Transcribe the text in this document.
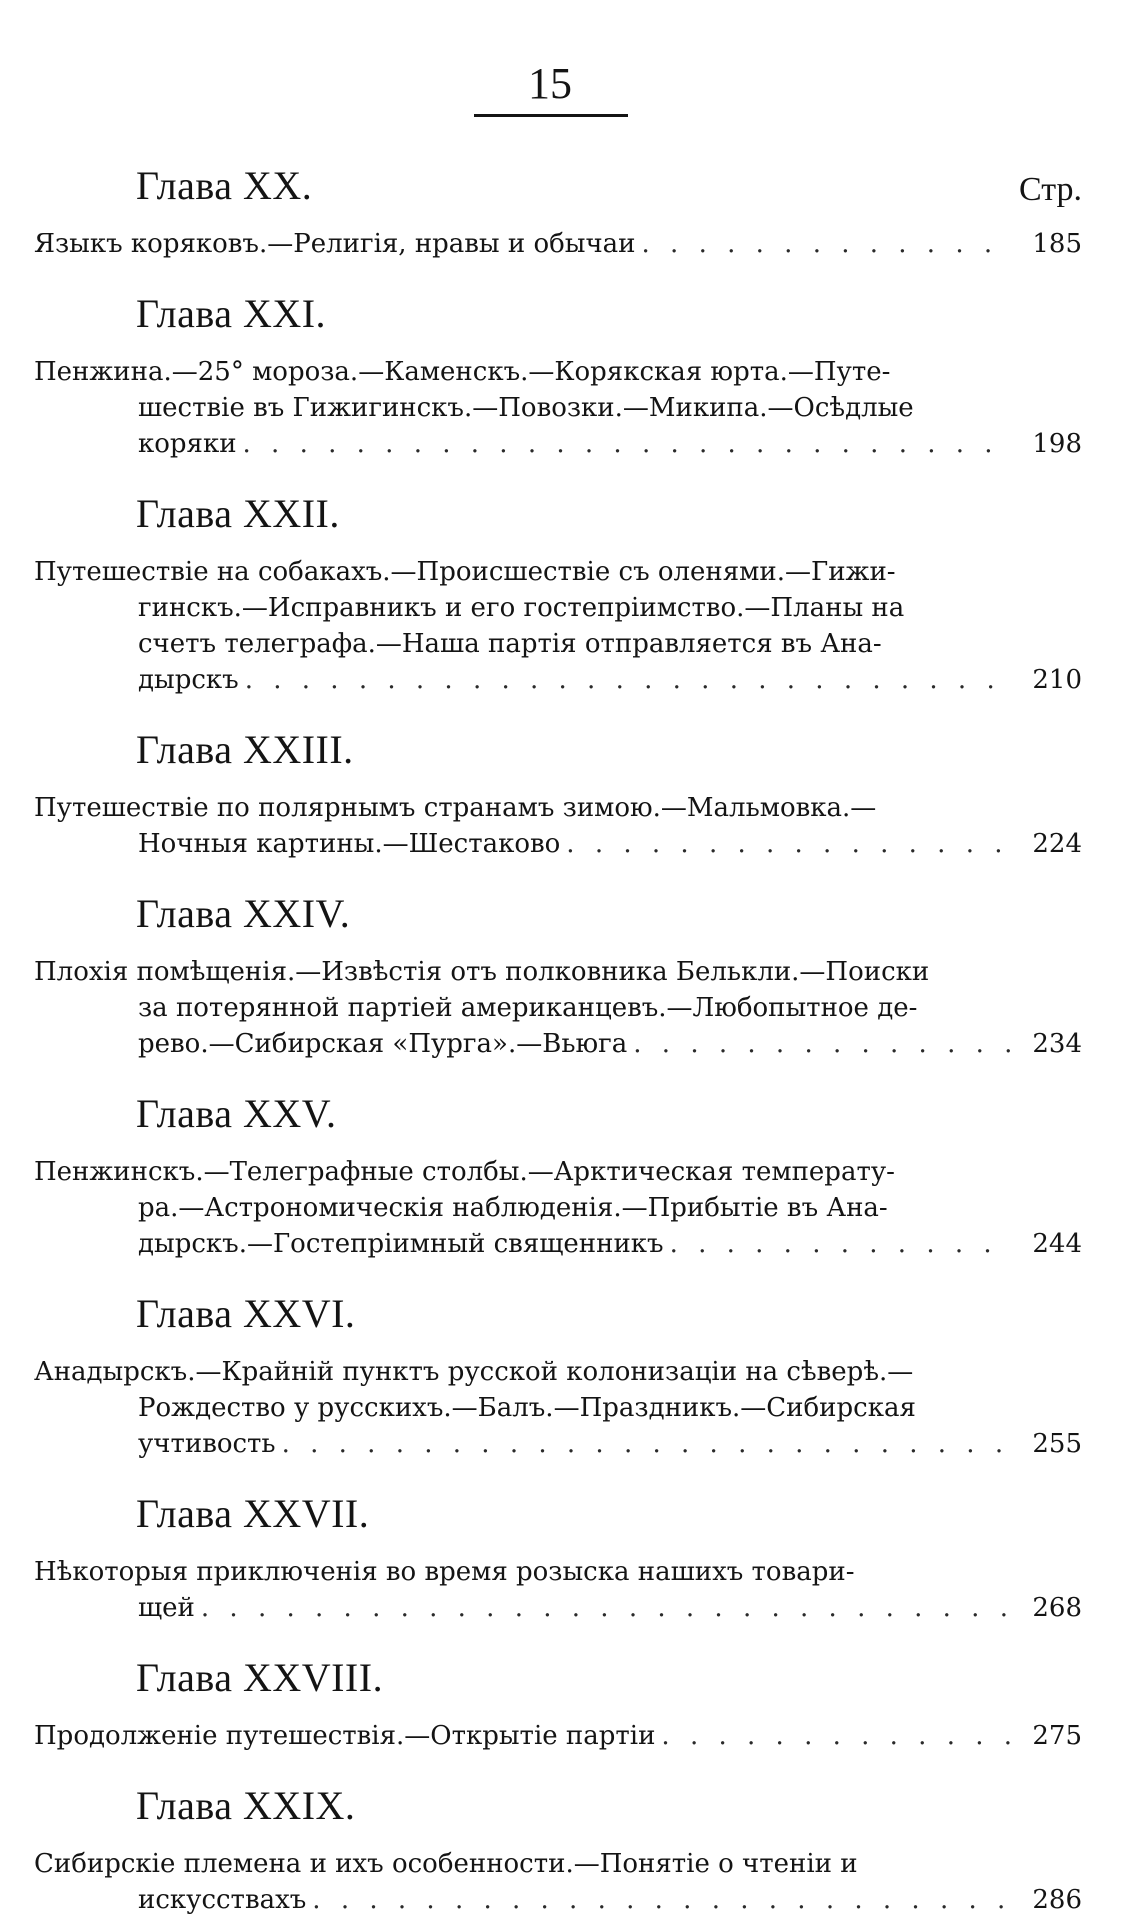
15
Стр.
Глава XX.
Языкъ коряковъ.—Религія, нравы и обычаи . . .	185
Глава XXI.
Пенжина.—25° мороза.—Каменскъ.—Корякская юрта.—Путе-
шествіе въ Гижигинскъ.—Повозки.—Микипа.—Осѣдлые
коряки . . .	198
Глава XXII.
Путешествіе на собакахъ.—Происшествіе съ оленями.—Гижи-
гинскъ.—Исправникъ и его гостепріимство.—Планы на
счетъ телеграфа.—Наша партія отправляется въ Ана-
дырскъ . . .	210
Глава XXIII.
Путешествіе по полярнымъ странамъ зимою.—Мальмовка.—
Ночныя картины.—Шестаково . . .	224
Глава XXIV.
Плохія помѣщенія.—Извѣстія отъ полковника Белькли.—Поиски
за потерянной партіей американцевъ.—Любопытное де-
рево.—Сибирская «Пурга».—Вьюга . . .	234
Глава XXV.
Пенжинскъ.—Телеграфные столбы.—Арктическая температу-
ра.—Астрономическія наблюденія.—Прибытіе въ Ана-
дырскъ.—Гостепріимный священникъ . . .	244
Глава XXVI.
Анадырскъ.—Крайній пунктъ русской колонизаціи на сѣверѣ.—
Рождество у русскихъ.—Балъ.—Праздникъ.—Сибирская
учтивость . . .	255
Глава XXVII.
Нѣкоторыя приключенія во время розыска нашихъ товари-
щей . . .	268
Глава XXVIII.
Продолженіе путешествія.—Открытіе партіи . . .	275
Глава XXIX.
Сибирскіе племена и ихъ особенности.—Понятіе о чтеніи и
искусствахъ . . .	286
